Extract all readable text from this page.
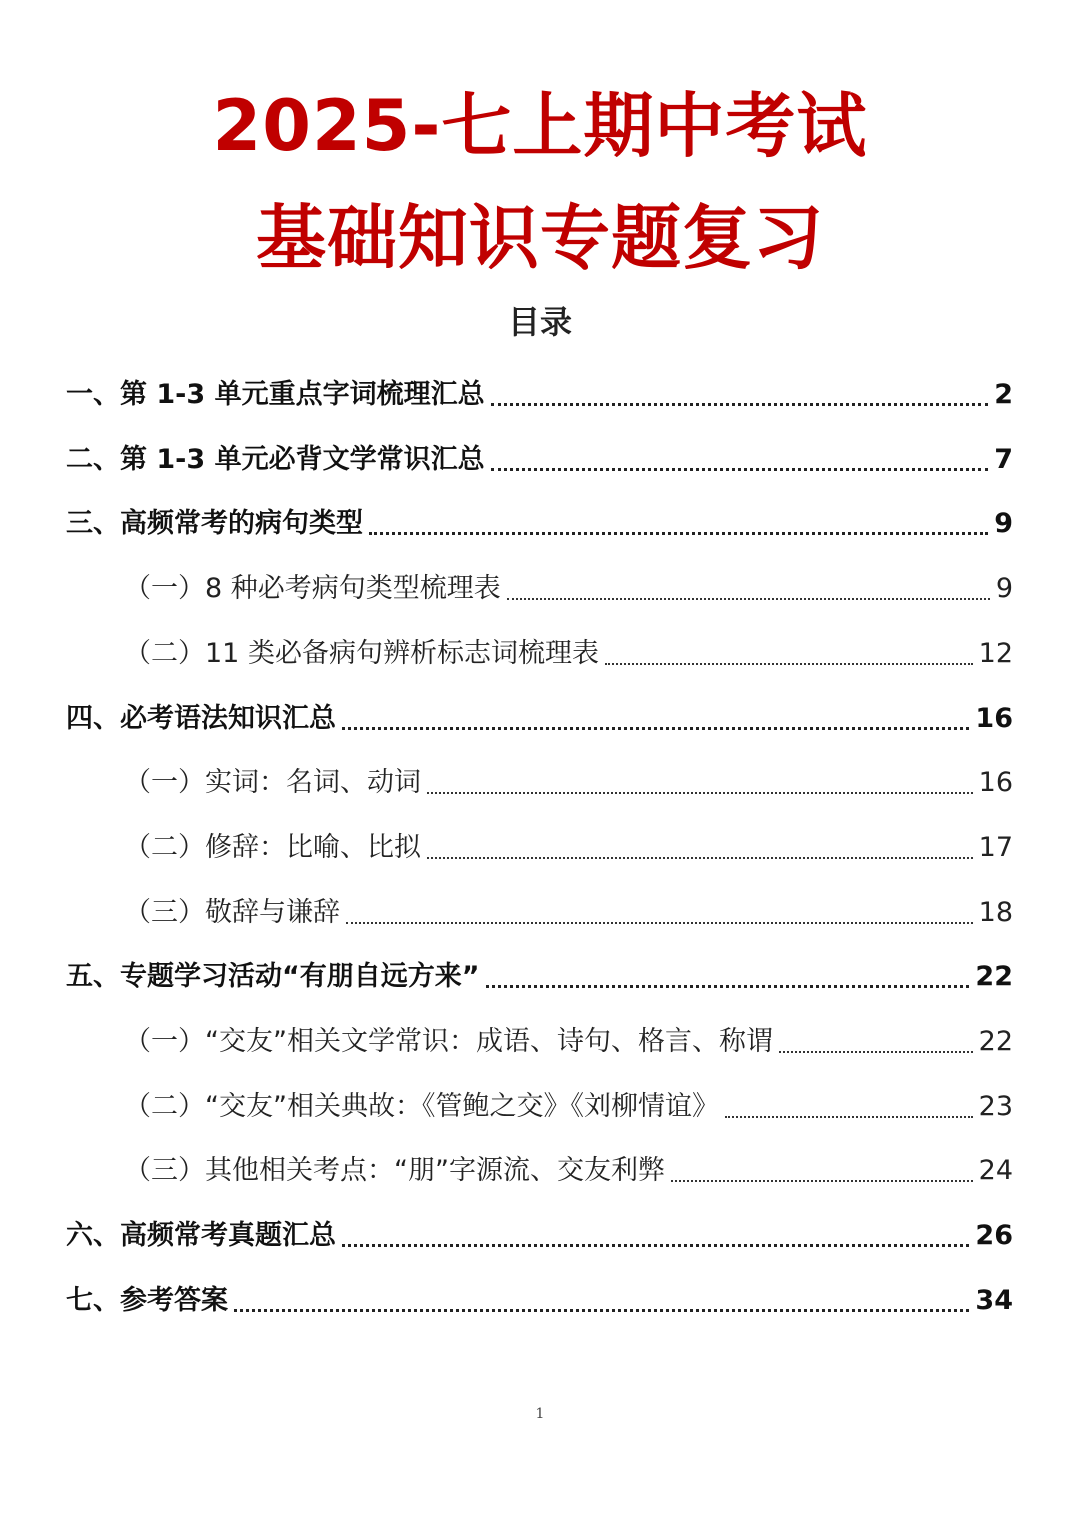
2025-七上期中考试
基础知识专题复习
目录
一、第 1-3 单元重点字词梳理汇总	2
二、第 1-3 单元必背文学常识汇总	7
三、高频常考的病句类型	9
（一）8 种必考病句类型梳理表	9
（二）11 类必备病句辨析标志词梳理表	12
四、必考语法知识汇总	16
（一）实词：名词、动词	16
（二）修辞：比喻、比拟	17
（三）敬辞与谦辞	18
五、专题学习活动“有朋自远方来”	22
（一）“交友”相关文学常识：成语、诗句、格言、称谓	22
（二）“交友”相关典故：《管鲍之交》《刘柳情谊》	23
（三）其他相关考点：“朋”字源流、交友利弊	24
六、高频常考真题汇总	26
七、参考答案	34
1
